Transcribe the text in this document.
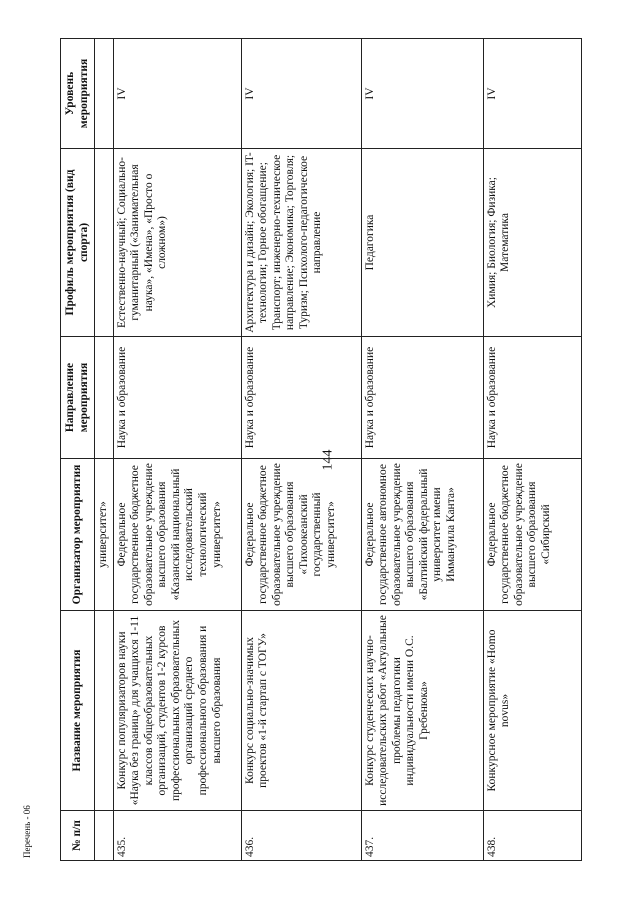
144
№ п/п	Название мероприятия	Организатор мероприятия	Направление мероприятия	Профиль мероприятия (вид спорта)	Уровень мероприятия
		университет»			
435.	Конкурс популяризаторов науки «Наука без границ» для учащихся 1-11 классов общеобразовательных организаций, студентов 1-2 курсов профессиональных образовательных организаций среднего профессионального образования и высшего образования	Федеральное государственное бюджетное образовательное учреждение высшего образования «Казанский национальный исследовательский технологический университет»	Наука и образование	Естественно-научный; Социально-гуманитарный («Занимательная наука», «Имена», «Просто о сложном»)	IV
436.	Конкурс социально-значимых проектов «1-й стартап с ТОГУ»	Федеральное государственное бюджетное образовательное учреждение высшего образования «Тихоокеанский государственный университет»	Наука и образование	Архитектура и дизайн; Экология; IT-технологии; Горное обогащение; Транспорт; инженерно-техническое направление; Экономика; Торговля; Туризм; Психолого-педагогическое направление	IV
437.	Конкурс студенческих научно-исследовательских работ «Актуальные проблемы педагогики индивидуальности имени О.С. Гребенюка»	Федеральное государственное автономное образовательное учреждение высшего образования «Балтийский федеральный университет имени Иммануила Канта»	Наука и образование	Педагогика	IV
438.	Конкурсное мероприятие «Homo novus»	Федеральное государственное бюджетное образовательное учреждение высшего образования «Сибирский	Наука и образование	Химия; Биология; Физика; Математика	IV
Перечень - 06
